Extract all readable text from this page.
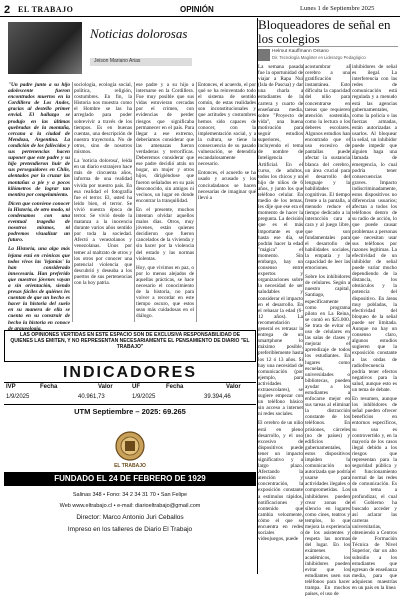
2 EL TRABAJO	OPINIÓN	Lunes 1 de Septiembre 2025
Noticias dolorosas
Jeison Mariano Arias

"Un padre junto a su hijo adolescente fueron encontrados muertos en la Cordillera de Los Andes, gracias al destello primer envial. El hallazgo se produjo en las últimas quebradas de la montaña, cercana a la ciudad de Mendoza, Argentina. La condición de los fallecidos y sus pertenencias hacen suponer que este padre y su hijo pretendieron huir de sus perseguidores en Chile, alentados por la cruzar las montañas a pie y a pocos kilómetros de lograr tan mentira por congelamiento.

Dicen que conviene conocer la Historia, de otro modo, ni condenamos con una eventual tragedia de nosotros mismos, ni podremos visualizar un futuro.

La Historia, una algo más lejana está en crónicas que todos vivos las 'lejanías' la han considerado innecesaria. Han preferido que nuestros jóvenes vayan a sin orientación, siendo presas fáciles de quiénes les cuentan de que un hecho es hacer la historia del suelo en su manera de ella se cuenta en su construir de hecho la historia en conoce de arqueología,

sociología, ecología social, política, religión, costumbres. En fin, la Historia nos muestra como el Hombre se las ha arreglado para poder sobrevivir a través de los tiempos. Es en buenas cuentas, una descripción de nuestra trayectoria. No de otros, sino de nosotros mismos.

La 'noticia dolorosa', leída en un diario extranjero hace más de cincuenta años, informa de una realidad vivida por nuestro país. En esa realidad el fotografía fue el terror. El, usted ha leído bien, el terror. Se vivió nuestra época de terror. Se vivió desde la matanza a la inocencia durante varios años sentido por toda la sociedad. Afectó a venezolanos y venezolanas. Unos por temer al maltrato de otros y los otros por conocer una potencial violencia que descubrió y deseaba a los puertos de sus pertenencias con la hoy patria.

ese padre y a su hijo a internarse en la Cordillera. Fue muy posible que sus vidas estuvieran cercadas por el crimen, con evidencias de perder riesgos que significaba permanecer en el país. Para llegar a ese extremo, deberíamos considerar que las amenazas fueron verdaderas y terroríficas. Deberemos considerar que ese padre decidió atrás un hogar, un mujer y otros hijos, dirigiéndose que fueron señalados en su país desconocido, sin amigos ni vecinos, un lugar en donde encontrar la tranquilidad.

En el presente, muchos intentan olvidar aquellos malos días. Otros, muy jóvenes, están quienes decidieron que fueron cancelados de la vivienda y sin hacer por la violencia del estado y las normas violentas.

Hoy, que vivimos en paz, o por lo menos alejados de aquellas prácticas, se hace necesario el conocimiento de la historia, no para volver a recordar en este tiempo oscuro, que estos sean más cuidadosas en el diálogo.

Entonces, el acuerdo, el por qué se ha reinventado todo el sistema de sentido común, de estas realidades son inconstitucionales y que actitudes y costumbres hemos sido capaces de conocer, con la implementación social, y a la cultura, se tiene la consecuencia de su pasado vulneración, se detendría escandalosamente necesario.

Entonces, el acuerdo se ha usado y acusado y los conciudadanos se hacen necesarias de imaginar qué llevó a

LAS OPINIONES VERTIDAS EN ESTE ESPACIO SON DE EXCLUSIVA RESPONSABILIDAD DE QUIENES LAS EMITEN, Y NO REPRESENTAN NECESARIAMENTE EL PENSAMIENTO DE DIARIO "EL TRABAJO"
INDICADORES
IVP	Fecha	Valor	UF	Fecha	Valor
1/9/2025	40.961,73	1/9/2025	39.394,46
UTM Septiembre – 2025: 69.265
EL TRABAJO
FUNDADO EL 24 DE FEBRERO DE 1929
Salinas 348 • Fono: 34 2 34 31 70 • San Felipe
Web www.eltrabajo.cl • e-mail: diarioeltrabajo@gmail.com
Director: Marco Antonio Juri Ceballos
Impreso en los talleres de Diario El Trabajo
Bloqueadores de señal en los colegios
Helmut Kauffmann Orsano
Dir. Tecnología Magíster en Liderazgo Pedagógico

La semana pasada fue la oportunidad de viajar a Rapa Nui (Isla de Pascua) y dar una charla a estudiantes de la carrera y cuarto de enseñanza media, sobre "Proyecto de vida", una buena motivación para seguir estudios superiores, incluyendo el tema de nombre de Inteligencia Artificial. En el curso, de adultos, todos los chicos y un hijo de niños de 6 años, y junto los que teléfono celular. En medio de los temas, les dije que ese era el momento de hacer la pregunta. La decisión que es el más importante es que hasta ese día, se podrán hacer la edad "mágica" el momento. Sin embargo, hay un consenso entre expertos y organizaciones sobre la necesidad de ser saludables y considerar el impacto en el desarrollo. En el rebasar la edad (6-12 años). La recomendación general es retrasar la entrega de un smartphone lo máximo posible, preferiblemente hasta los 12 ó 13 años. Si hay una necesidad de comunicación (por ejemplo, para actividades extraescolares), se sugiere empezar con un teléfono básico sin acceso a internet ni redes sociales.

El cerebro de un niño está en pleno desarrollo, y el uso excesivo de dispositivos puede tener un impacto significativo y a largo plazo. Afectando la atención y concentración, la exposición constante a estímulos rápidos, notificaciones y contenido que cambia velozmente, cómo el que se encuentra en redes sociales o videojuegos, puede

acostumbrar al cerebro a una gratificación instantánea. Esto dificulta la capacidad del niño para concentrarse en tareas que requieren atención sostenida, como la lectura o los deberes escolares. Algunos estudios han encontrado que el uso excesivo de pantallas puede afectar la sustancia blanca del cerebro, un área crucial para el desarrollo del lenguaje y la habilidades cognitivas. El tiempo frente a la pantalla, a menudo reduce el tiempo dedicado a la interacción cara a cara y al juego libre, que son fundamentales para el desarrollo de habilidades sociales, la empatía y la capacidad de leer las emociones.

Sobre los inhibidores de celulares. Según a nuestro capital, Santiago, específicamente como programa piloto en La Reina, se contó en $25.000. Se trata de evitar el uso de celulares en las salas de clases y mejorar el aprendizaje de todos los estudiantes. En lugares como escuelas, universidades o bibliotecas, pueden ayudar a los estudiantes a enfocarse mejor en sus tareas al eliminar la distracción constante de los teléfonos. En prisiones, cárceles (no de países) y edificios gubernamentales, estos dispositivos impiden la comunicación no autorizada que podría usarse para actividades ilegales o comprometidas. Los inhibidores pueden crear zonas de silencio en lugares como cines, teatros y templos, lo que mejora la experiencia de los asistentes y respeta las normas del lugar. En los exámenes académicos, los inhibidores pueden evitar que los estudiantes usen sus teléfonos para hacer trampa. En muchos países, el uso de

inhibidores de señal es ilegal. La interferencia con las redes de comunicación está regulada y a menudo está las agencias gubernamentales, como la policía o las fuerzas armadas, están autorizadas a usarlos. Al bloquear la señal, un inhibidor puede impedir que alguien haga una llamada de emergencia, lo cual podría tener consecuencias graves. Impacto indiscriminadamente, estos dispositivos no diferencian usuarios; afectan a todos los teléfonos dentro de su radio de acción, lo que puede causar problemas a personas que necesitan usar sus teléfonos por razones legítimas. La efectividad de un inhibidor de señal puede variar mucho dependiendo de la distancia, los obstáculos y la potencia del dispositivo. En áreas muy pobladas, la efectividad del bloqueo de la señal puede ser limitada. Aunque no hay un consenso claro, algunos estudios sugieren que la exposición constante a las ondas de radiofrecuencia podría tener efectos negativos para la salud, aunque esto es un tema de debate.

En resumen, aunque los inhibidores de señal pueden ofrecer beneficios en entornos específicos, su uso es controvertido y, en la mayoría de los casos ilegal debido a los riesgos que representan para la seguridad pública y el funcionamiento normal de las redes de comunicación. Es un tema a profundizar, el cual el Gobierno ha buscado acceder y así aclarar las carreras universitarias, obteniendo a Centros de Formación Técnica de Nivel Superior, dar un alto subsidio a los estudiantes que egresan de enseñanza media, para que adquieran maestrías en un país en la línea
